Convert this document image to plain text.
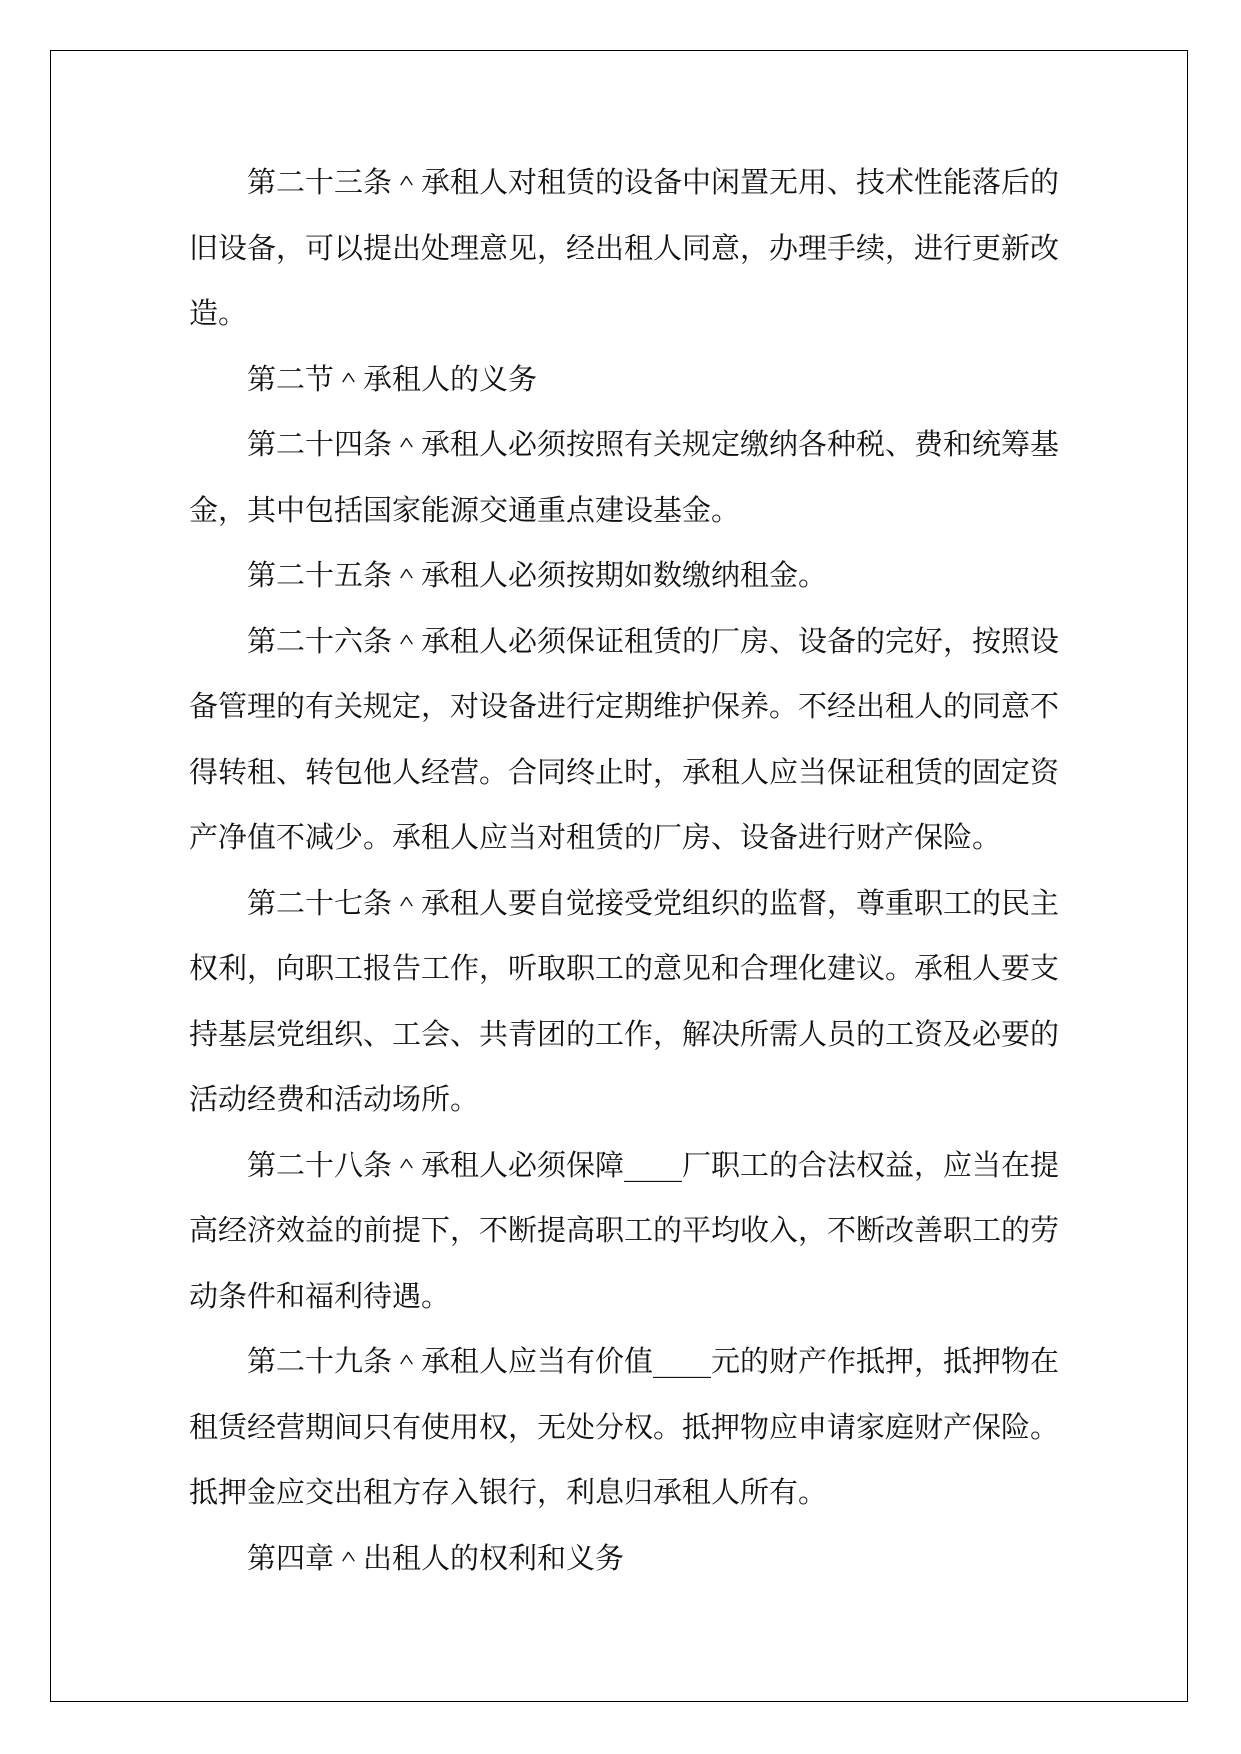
第二十三条＾承租人对租赁的设备中闲置无用、技术性能落后的旧设备，可以提出处理意见，经出租人同意，办理手续，进行更新改造。

第二节＾承租人的义务

第二十四条＾承租人必须按照有关规定缴纳各种税、费和统筹基金，其中包括国家能源交通重点建设基金。

第二十五条＾承租人必须按期如数缴纳租金。

第二十六条＾承租人必须保证租赁的厂房、设备的完好，按照设备管理的有关规定，对设备进行定期维护保养。不经出租人的同意不得转租、转包他人经营。合同终止时，承租人应当保证租赁的固定资产净值不减少。承租人应当对租赁的厂房、设备进行财产保险。

第二十七条＾承租人要自觉接受党组织的监督，尊重职工的民主权利，向职工报告工作，听取职工的意见和合理化建议。承租人要支持基层党组织、工会、共青团的工作，解决所需人员的工资及必要的活动经费和活动场所。

第二十八条＾承租人必须保障____厂职工的合法权益，应当在提高经济效益的前提下，不断提高职工的平均收入，不断改善职工的劳动条件和福利待遇。

第二十九条＾承租人应当有价值____元的财产作抵押，抵押物在租赁经营期间只有使用权，无处分权。抵押物应申请家庭财产保险。抵押金应交出租方存入银行，利息归承租人所有。

第四章＾出租人的权利和义务
